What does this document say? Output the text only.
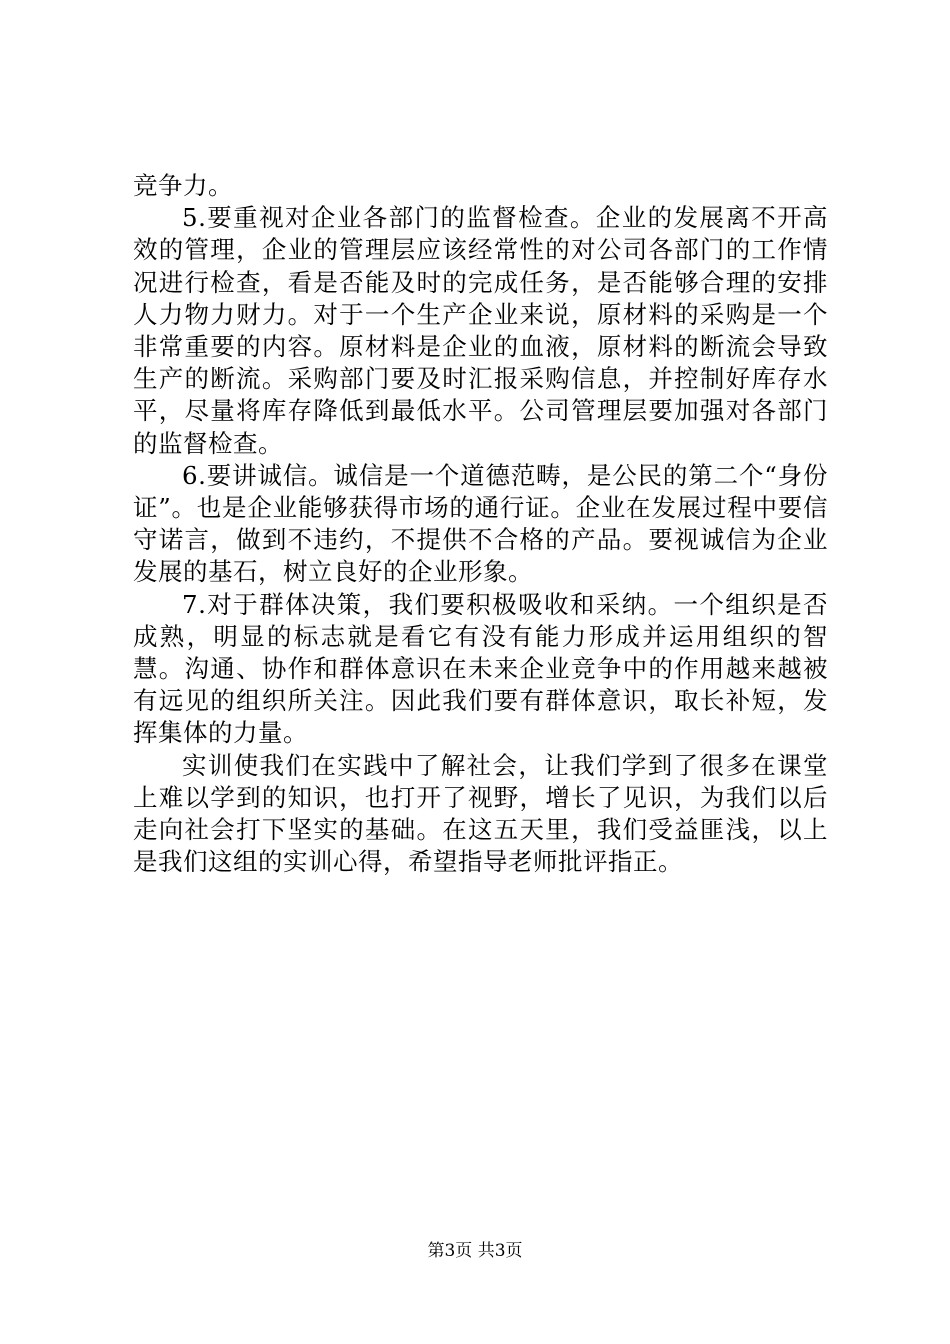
竞争力。

5.要重视对企业各部门的监督检查。企业的发展离不开高效的管理，企业的管理层应该经常性的对公司各部门的工作情况进行检查，看是否能及时的完成任务，是否能够合理的安排人力物力财力。对于一个生产企业来说，原材料的采购是一个非常重要的内容。原材料是企业的血液，原材料的断流会导致生产的断流。采购部门要及时汇报采购信息，并控制好库存水平，尽量将库存降低到最低水平。公司管理层要加强对各部门的监督检查。

6.要讲诚信。诚信是一个道德范畴，是公民的第二个“身份证”。也是企业能够获得市场的通行证。企业在发展过程中要信守诺言，做到不违约，不提供不合格的产品。要视诚信为企业发展的基石，树立良好的企业形象。

7.对于群体决策，我们要积极吸收和采纳。一个组织是否成熟，明显的标志就是看它有没有能力形成并运用组织的智慧。沟通、协作和群体意识在未来企业竞争中的作用越来越被有远见的组织所关注。因此我们要有群体意识，取长补短，发挥集体的力量。

实训使我们在实践中了解社会，让我们学到了很多在课堂上难以学到的知识，也打开了视野，增长了见识，为我们以后走向社会打下坚实的基础。在这五天里，我们受益匪浅，以上是我们这组的实训心得，希望指导老师批评指正。

第3页 共3页
